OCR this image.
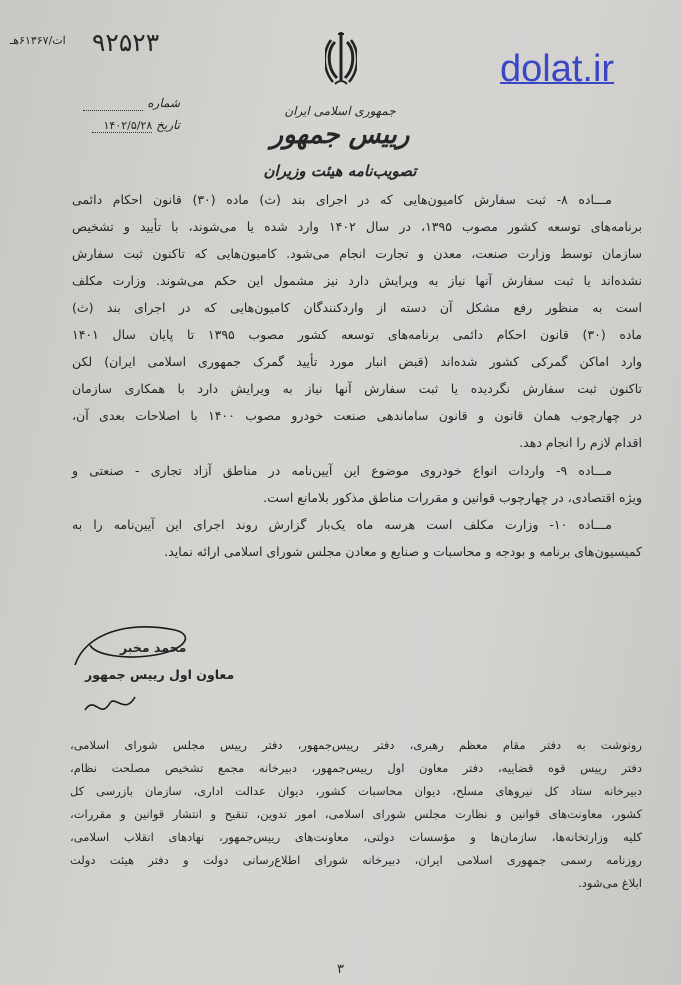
ات/۶۱۳۶۷هـ ۹۲۵۲۳
شماره
تاریخ ۱۴۰۲/۵/۲۸
جمهوری اسلامی ایران
رییس جمهور
تصویب‌نامه هیئت وزیران
dolat.ir
مـــاده ۸- ثبت سفارش کامیون‌هایی که در اجرای بند (ث) ماده (۳۰) قانون احکام دائمی
برنامه‌های توسعه کشور مصوب ۱۳۹۵، در سال ۱۴۰۲ وارد شده یا می‌شوند، با تأیید و تشخیص
سازمان توسط وزارت صنعت، معدن و تجارت انجام می‌شود. کامیون‌هایی که تاکنون ثبت سفارش
نشده‌اند یا ثبت سفارش آنها نیاز به ویرایش دارد نیز مشمول این حکم می‌شوند. وزارت مکلف
است به منظور رفع مشکل آن دسته از واردکنندگان کامیون‌هایی که در اجرای بند (ث)
ماده (۳۰) قانون احکام دائمی برنامه‌های توسعه کشور مصوب ۱۳۹۵ تا پایان سال ۱۴۰۱
وارد اماکن گمرکی کشور شده‌اند (قبض انبار مورد تأیید گمرک جمهوری اسلامی ایران) لکن
تاکنون ثبت سفارش نگردیده یا ثبت سفارش آنها نیاز به ویرایش دارد با همکاری سازمان
در چهارچوب همان قانون و قانون ساماندهی صنعت خودرو مصوب ۱۴۰۰ با اصلاحات بعدی آن،
اقدام لازم را انجام دهد.
مـــاده ۹- واردات انواع خودروی موضوع این آیین‌نامه در مناطق آزاد تجاری - صنعتی و
ویژه اقتصادی، در چهارچوب قوانین و مقررات مناطق مذکور بلامانع است.
مـــاده ۱۰- وزارت مکلف است هرسه ماه یک‌بار گزارش روند اجرای این آیین‌نامه را به
کمیسیون‌های برنامه و بودجه و محاسبات و صنایع و معادن مجلس شورای اسلامی ارائه نماید.
محمد مخبر
معاون اول رییس جمهور
رونوشت به دفتر مقام معظم رهبری، دفتر رییس‌جمهور، دفتر رییس مجلس شورای اسلامی،
دفتر رییس قوه قضاییه، دفتر معاون اول رییس‌جمهور، دبیرخانه مجمع تشخیص مصلحت نظام،
دبیرخانه ستاد کل نیروهای مسلح، دیوان محاسبات کشور، دیوان عدالت اداری، سازمان بازرسی کل
کشور، معاونت‌های قوانین و نظارت مجلس شورای اسلامی، امور تدوین، تنقیح و انتشار قوانین و مقررات،
کلیه وزارتخانه‌ها، سازمان‌ها و مؤسسات دولتی، معاونت‌های رییس‌جمهور، نهادهای انقلاب اسلامی،
روزنامه رسمی جمهوری اسلامی ایران، دبیرخانه شورای اطلاع‌رسانی دولت و دفتر هیئت دولت
ابلاغ می‌شود.
۳
